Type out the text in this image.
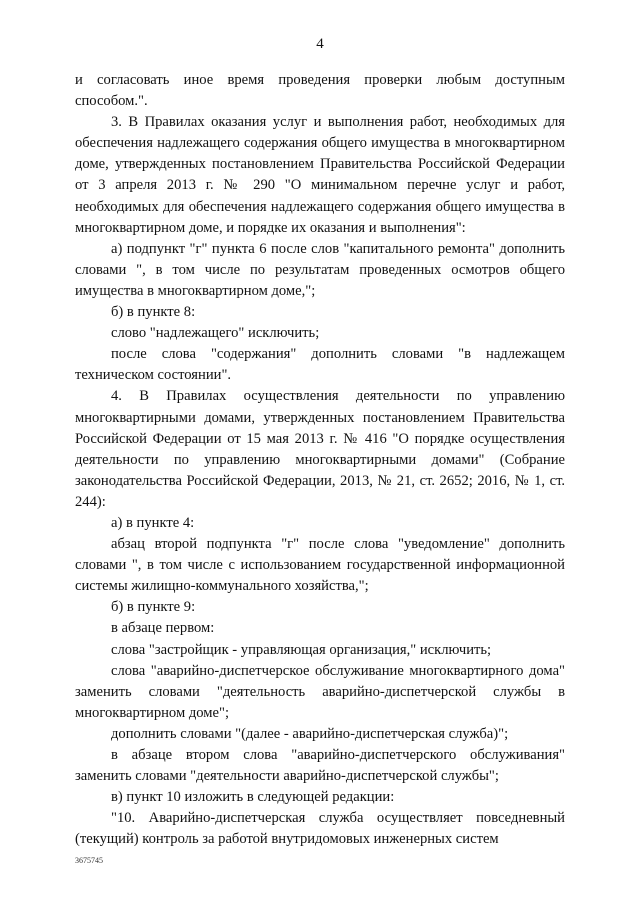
4

и согласовать иное время проведения проверки любым доступным способом.".

3. В Правилах оказания услуг и выполнения работ, необходимых для обеспечения надлежащего содержания общего имущества в многоквартирном доме, утвержденных постановлением Правительства Российской Федерации от 3 апреля 2013 г. № 290 "О минимальном перечне услуг и работ, необходимых для обеспечения надлежащего содержания общего имущества в многоквартирном доме, и порядке их оказания и выполнения":

а) подпункт "г" пункта 6 после слов "капитального ремонта" дополнить словами ", в том числе по результатам проведенных осмотров общего имущества в многоквартирном доме,";

б) в пункте 8:

слово "надлежащего" исключить;

после слова "содержания" дополнить словами "в надлежащем техническом состоянии".

4. В Правилах осуществления деятельности по управлению многоквартирными домами, утвержденных постановлением Правительства Российской Федерации от 15 мая 2013 г. № 416 "О порядке осуществления деятельности по управлению многоквартирными домами" (Собрание законодательства Российской Федерации, 2013, № 21, ст. 2652; 2016, № 1, ст. 244):

а) в пункте 4:

абзац второй подпункта "г" после слова "уведомление" дополнить словами ", в том числе с использованием государственной информационной системы жилищно-коммунального хозяйства,";

б) в пункте 9:

в абзаце первом:

слова "застройщик - управляющая организация," исключить;

слова "аварийно-диспетчерское обслуживание многоквартирного дома" заменить словами "деятельность аварийно-диспетчерской службы в многоквартирном доме";

дополнить словами "(далее - аварийно-диспетчерская служба)";

в абзаце втором слова "аварийно-диспетчерского обслуживания" заменить словами "деятельности аварийно-диспетчерской службы";

в) пункт 10 изложить в следующей редакции:

"10. Аварийно-диспетчерская служба осуществляет повседневный (текущий) контроль за работой внутридомовых инженерных систем

3675745
